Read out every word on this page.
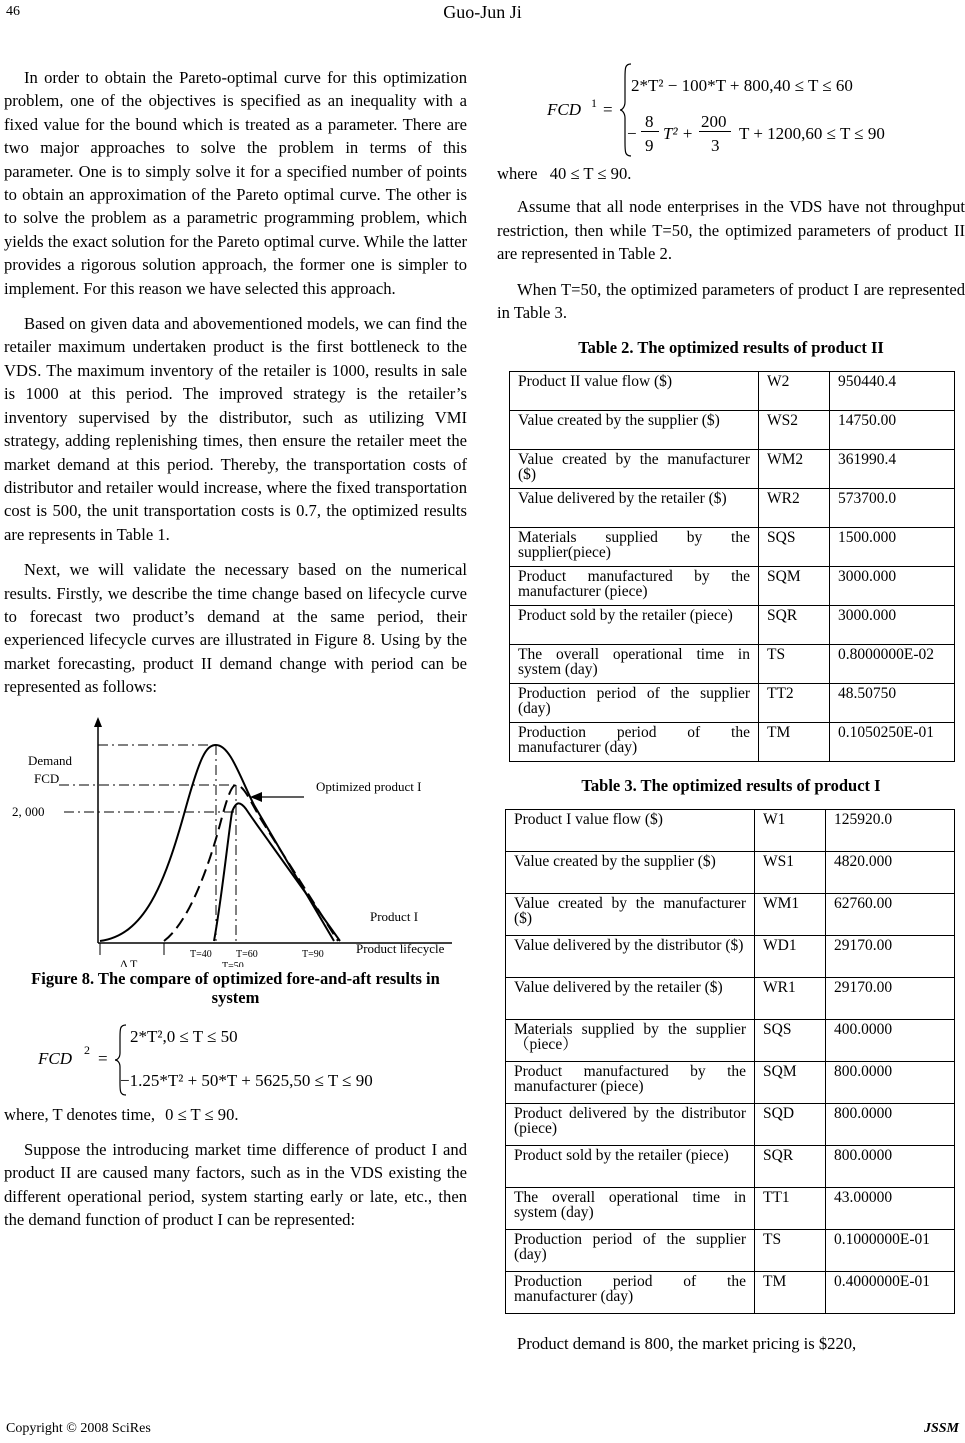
46	Guo-Jun Ji

In order to obtain the Pareto-optimal curve for this optimization problem, one of the objectives is specified as an inequality with a fixed value for the bound which is treated as a parameter. There are two major approaches to solve the problem in terms of this parameter. One is to simply solve it for a specified number of points to obtain an approximation of the Pareto optimal curve. The other is to solve the problem as a parametric programming problem, which yields the exact solution for the Pareto optimal curve. While the latter provides a rigorous solution approach, the former one is simpler to implement. For this reason we have selected this approach.

Based on given data and abovementioned models, we can find the retailer maximum undertaken product is the first bottleneck to the VDS. The maximum inventory of the retailer is 1000, results in sale is 1000 at this period. The improved strategy is the retailer’s inventory supervised by the distributor, such as utilizing VMI strategy, adding replenishing times, then ensure the retailer meet the market demand at this period. Thereby, the transportation costs of distributor and retailer would increase, where the fixed transportation cost is 500, the unit transportation costs is 0.7, the optimized results are represents in Table 1.

Next, we will validate the necessary based on the numerical results. Firstly, we describe the time change based on lifecycle curve to forecast two product’s demand at the same period, their experienced lifecycle curves are illustrated in Figure 8. Using by the market forecasting, product II demand change with period can be represented as follows:

Demand
FCD
2, 000
Optimized product I
Product I
Product lifecycle
Δ T
T=40 T=60	T=90
T=50
Figure 8. The compare of optimized fore-and-aft results in system
FCD 2 =
2*T²,0 ≤ T ≤ 50
−1.25*T² + 50*T + 5625,50 ≤ T ≤ 90
where, T denotes time, 0 ≤ T ≤ 90.

Suppose the introducing market time difference of product I and product II are caused many factors, such as in the VDS existing the different operational period, system starting early or late, etc., then the demand function of product I can be represented:

FCD 1 =
2*T² − 100*T + 800,40 ≤ T ≤ 60
−
8
9
T² +
200
3
T + 1200,60 ≤ T ≤ 90
where 40 ≤ T ≤ 90.

Assume that all node enterprises in the VDS have not throughput restriction, then while T=50, the optimized parameters of product II are represented in Table 2.

When T=50, the optimized parameters of product I are represented in Table 3.

Table 2. The optimized results of product II
Product II value flow ($)	W2	950440.4
Value created by the supplier ($)	WS2	14750.00
Value created by the manufacturer ($)	WM2	361990.4
Value delivered by the retailer ($)	WR2	573700.0
Materials supplied by the supplier(piece)	SQS	1500.000
Product manufactured by the manufacturer (piece)	SQM	3000.000
Product sold by the retailer (piece)	SQR	3000.000
The overall operational time in system (day)	TS	0.8000000E-02
Production period of the supplier (day)	TT2	48.50750
Production period of the manufacturer (day)	TM	0.1050250E-01
Table 3. The optimized results of product I
Product I value flow ($)	W1	125920.0
Value created by the supplier ($)	WS1	4820.000
Value created by the manufacturer ($)	WM1	62760.00
Value delivered by the distributor ($)	WD1	29170.00
Value delivered by the retailer ($)	WR1	29170.00
Materials supplied by the supplier （piece）	SQS	400.0000
Product manufactured by the manufacturer (piece)	SQM	800.0000
Product delivered by the distributor (piece)	SQD	800.0000
Product sold by the retailer (piece)	SQR	800.0000
The overall operational time in system (day)	TT1	43.00000
Production period of the supplier (day)	TS	0.1000000E-01
Production period of the manufacturer (day)	TM	0.4000000E-01

Product demand is 800, the market pricing is $220,

Copyright © 2008 SciRes	JSSM
